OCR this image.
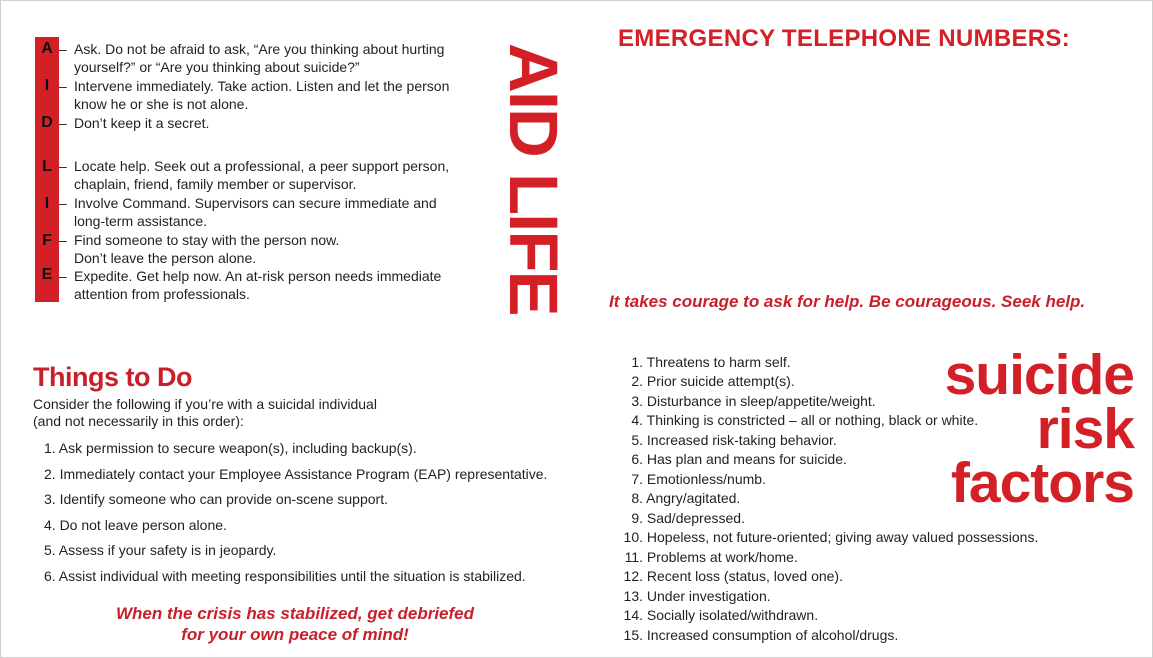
A
I
D
L
I
F
E
– Ask. Do not be afraid to ask, “Are you thinking about hurting
yourself?” or “Are you thinking about suicide?”
– Intervene immediately. Take action. Listen and let the person
know he or she is not alone.
– Don’t keep it a secret.
– Locate help. Seek out a professional, a peer support person,
chaplain, friend, family member or supervisor.
– Involve Command. Supervisors can secure immediate and
long-term assistance.
– Find someone to stay with the person now.
Don’t leave the person alone.
– Expedite. Get help now. An at-risk person needs immediate
attention from professionals.	AID LIFE
EMERGENCY TELEPHONE NUMBERS:
It takes courage to ask for help. Be courageous. Seek help.
Things to Do
Consider the following if you’re with a suicidal individual
(and not necessarily in this order):
1. Ask permission to secure weapon(s), including backup(s).
2. Immediately contact your Employee Assistance Program (EAP) representative.
3. Identify someone who can provide on-scene support.
4. Do not leave person alone.
5. Assess if your safety is in jeopardy.
6. Assist individual with meeting responsibilities until the situation is stabilized.
When the crisis has stabilized, get debriefed
for your own peace of mind!
1. Threatens to harm self.
2. Prior suicide attempt(s).
3. Disturbance in sleep/appetite/weight.
4. Thinking is constricted – all or nothing, black or white.
5. Increased risk-taking behavior.
6. Has plan and means for suicide.
7. Emotionless/numb.
8. Angry/agitated.
9. Sad/depressed.
10. Hopeless, not future-oriented; giving away valued possessions.
11. Problems at work/home.
12. Recent loss (status, loved one).
13. Under investigation.
14. Socially isolated/withdrawn.
15. Increased consumption of alcohol/drugs.
suicide
risk
factors
